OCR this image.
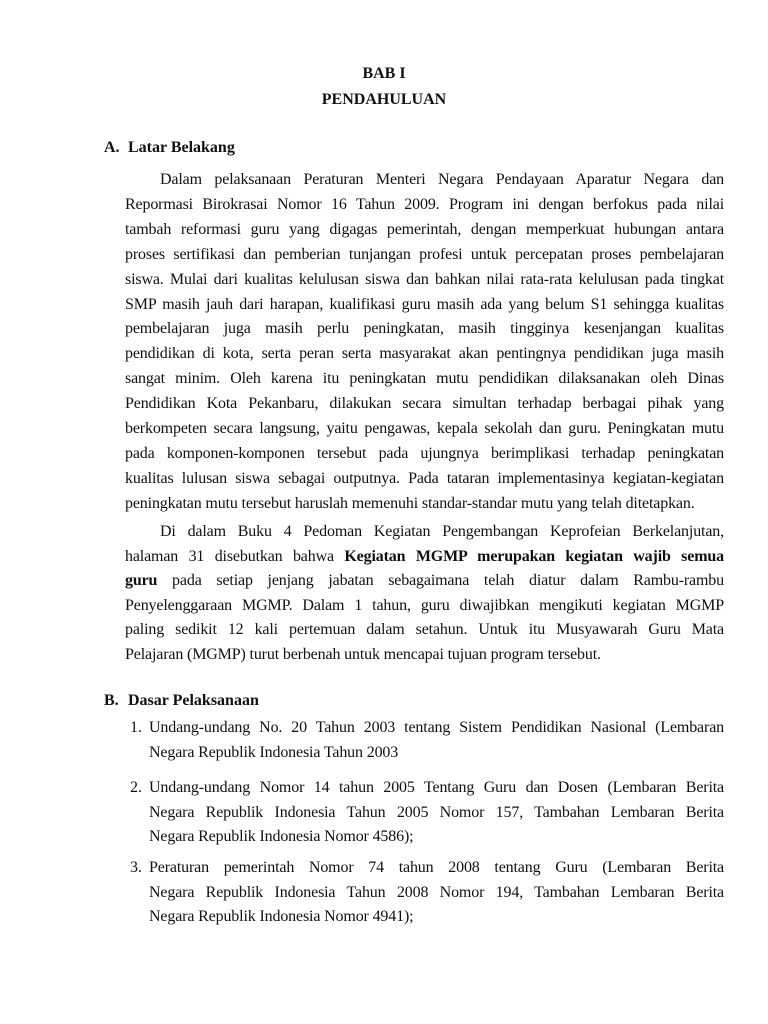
BAB I
PENDAHULUAN
A. Latar Belakang
Dalam pelaksanaan Peraturan Menteri Negara Pendayaan Aparatur Negara dan
Repormasi Birokrasai Nomor 16 Tahun 2009. Program ini dengan berfokus pada nilai
tambah reformasi guru yang digagas pemerintah, dengan memperkuat hubungan antara
proses sertifikasi dan pemberian tunjangan profesi untuk percepatan proses pembelajaran
siswa. Mulai dari kualitas kelulusan siswa dan bahkan nilai rata-rata kelulusan pada tingkat
SMP masih jauh dari harapan, kualifikasi guru masih ada yang belum S1 sehingga kualitas
pembelajaran juga masih perlu peningkatan, masih tingginya kesenjangan kualitas
pendidikan di kota, serta peran serta masyarakat akan pentingnya pendidikan juga masih
sangat minim. Oleh karena itu peningkatan mutu pendidikan dilaksanakan oleh Dinas
Pendidikan Kota Pekanbaru, dilakukan secara simultan terhadap berbagai pihak yang
berkompeten secara langsung, yaitu pengawas, kepala sekolah dan guru. Peningkatan mutu
pada komponen-komponen tersebut pada ujungnya berimplikasi terhadap peningkatan
kualitas lulusan siswa sebagai outputnya. Pada tataran implementasinya kegiatan-kegiatan
peningkatan mutu tersebut haruslah memenuhi standar-standar mutu yang telah ditetapkan.
Di dalam Buku 4 Pedoman Kegiatan Pengembangan Keprofeian Berkelanjutan,
halaman 31 disebutkan bahwa Kegiatan MGMP merupakan kegiatan wajib semua
guru pada setiap jenjang jabatan sebagaimana telah diatur dalam Rambu-rambu
Penyelenggaraan MGMP. Dalam 1 tahun, guru diwajibkan mengikuti kegiatan MGMP
paling sedikit 12 kali pertemuan dalam setahun. Untuk itu Musyawarah Guru Mata
Pelajaran (MGMP) turut berbenah untuk mencapai tujuan program tersebut.
B. Dasar Pelaksanaan
1. Undang-undang No. 20 Tahun 2003 tentang Sistem Pendidikan Nasional (Lembaran
Negara Republik Indonesia Tahun 2003
2. Undang-undang Nomor 14 tahun 2005 Tentang Guru dan Dosen (Lembaran Berita
Negara Republik Indonesia Tahun 2005 Nomor 157, Tambahan Lembaran Berita
Negara Republik Indonesia Nomor 4586);
3. Peraturan pemerintah Nomor 74 tahun 2008 tentang Guru (Lembaran Berita
Negara Republik Indonesia Tahun 2008 Nomor 194, Tambahan Lembaran Berita
Negara Republik Indonesia Nomor 4941);
